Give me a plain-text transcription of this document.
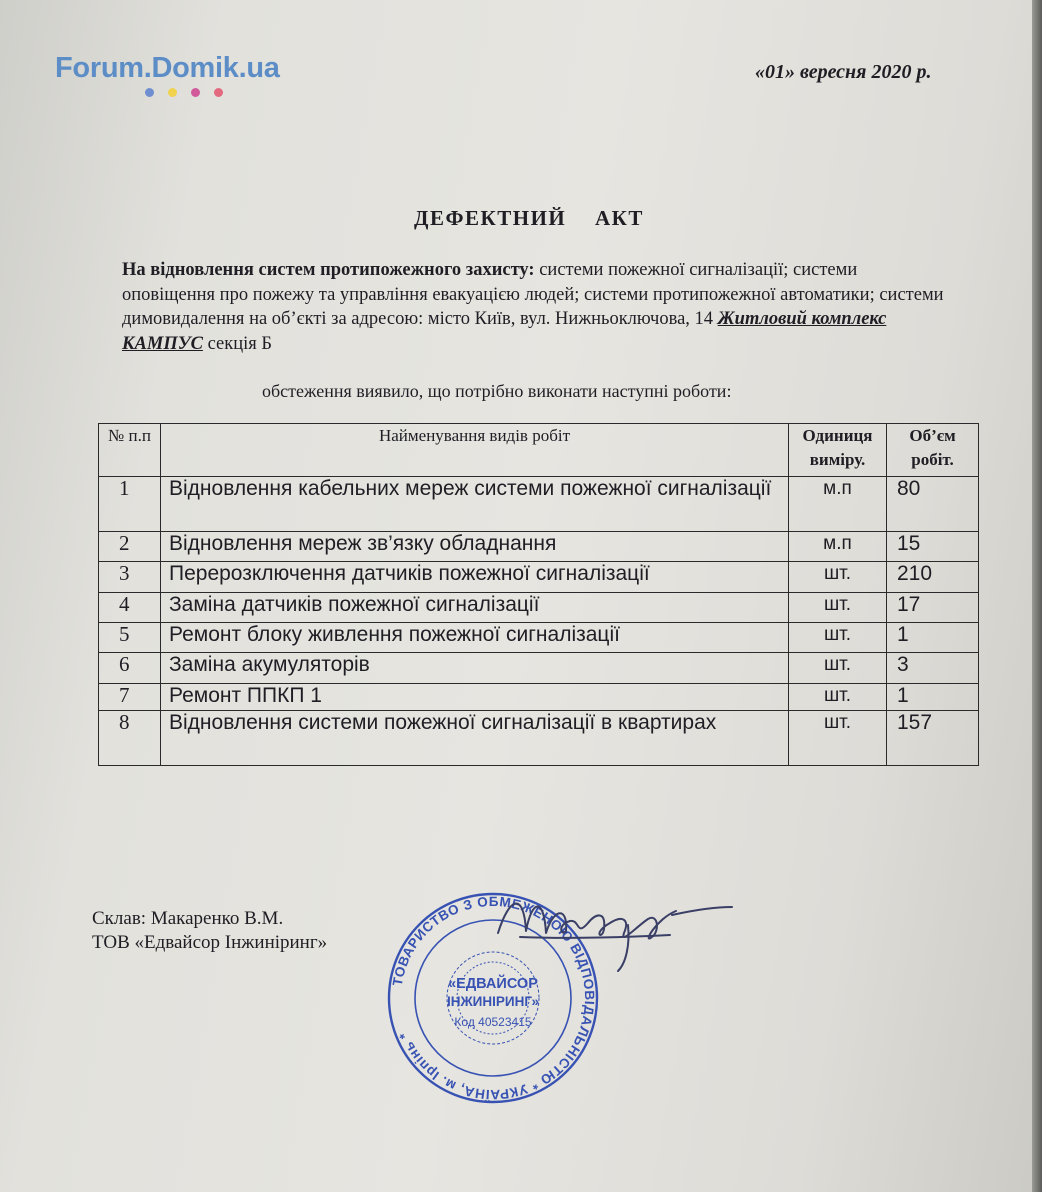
Forum.Domik.ua	«01» вересня 2020 р.
ДЕФЕКТНИЙ АКТ
На відновлення систем протипожежного захисту: системи пожежної сигналізації; системи оповіщення про пожежу та управління евакуацією людей; системи протипожежної автоматики; системи димовидалення на об’єкті за адресою: місто Київ, вул. Нижньоключова, 14 Житловий комплекс КАМПУС секція Б
обстеження виявило, що потрібно виконати наступні роботи:
№ п.п	Найменування видів робіт	Одиниця виміру.	Об’єм робіт.
1	Відновлення кабельних мереж системи пожежної сигналізації	м.п	80
2	Відновлення мереж зв’язку обладнання	м.п	15
3	Перерозключення датчиків пожежної сигналізації	шт.	210
4	Заміна датчиків пожежної сигналізації	шт.	17
5	Ремонт блоку живлення пожежної сигналізації	шт.	1
6	Заміна акумуляторів	шт.	3
7	Ремонт ППКП 1	шт.	1
8	Відновлення системи пожежної сигналізації в квартирах	шт.	157
Склав: Макаренко В.М.
ТОВ «Едвайсор Інжиніринг»
ТОВАРИСТВО З ОБМЕЖЕНОЮ ВІДПОВІДАЛЬНІСТЮ * УКРАЇНА, м. Ірпінь *
«ЕДВАЙСОР
ІНЖИНІРИНГ»
Код 40523415
